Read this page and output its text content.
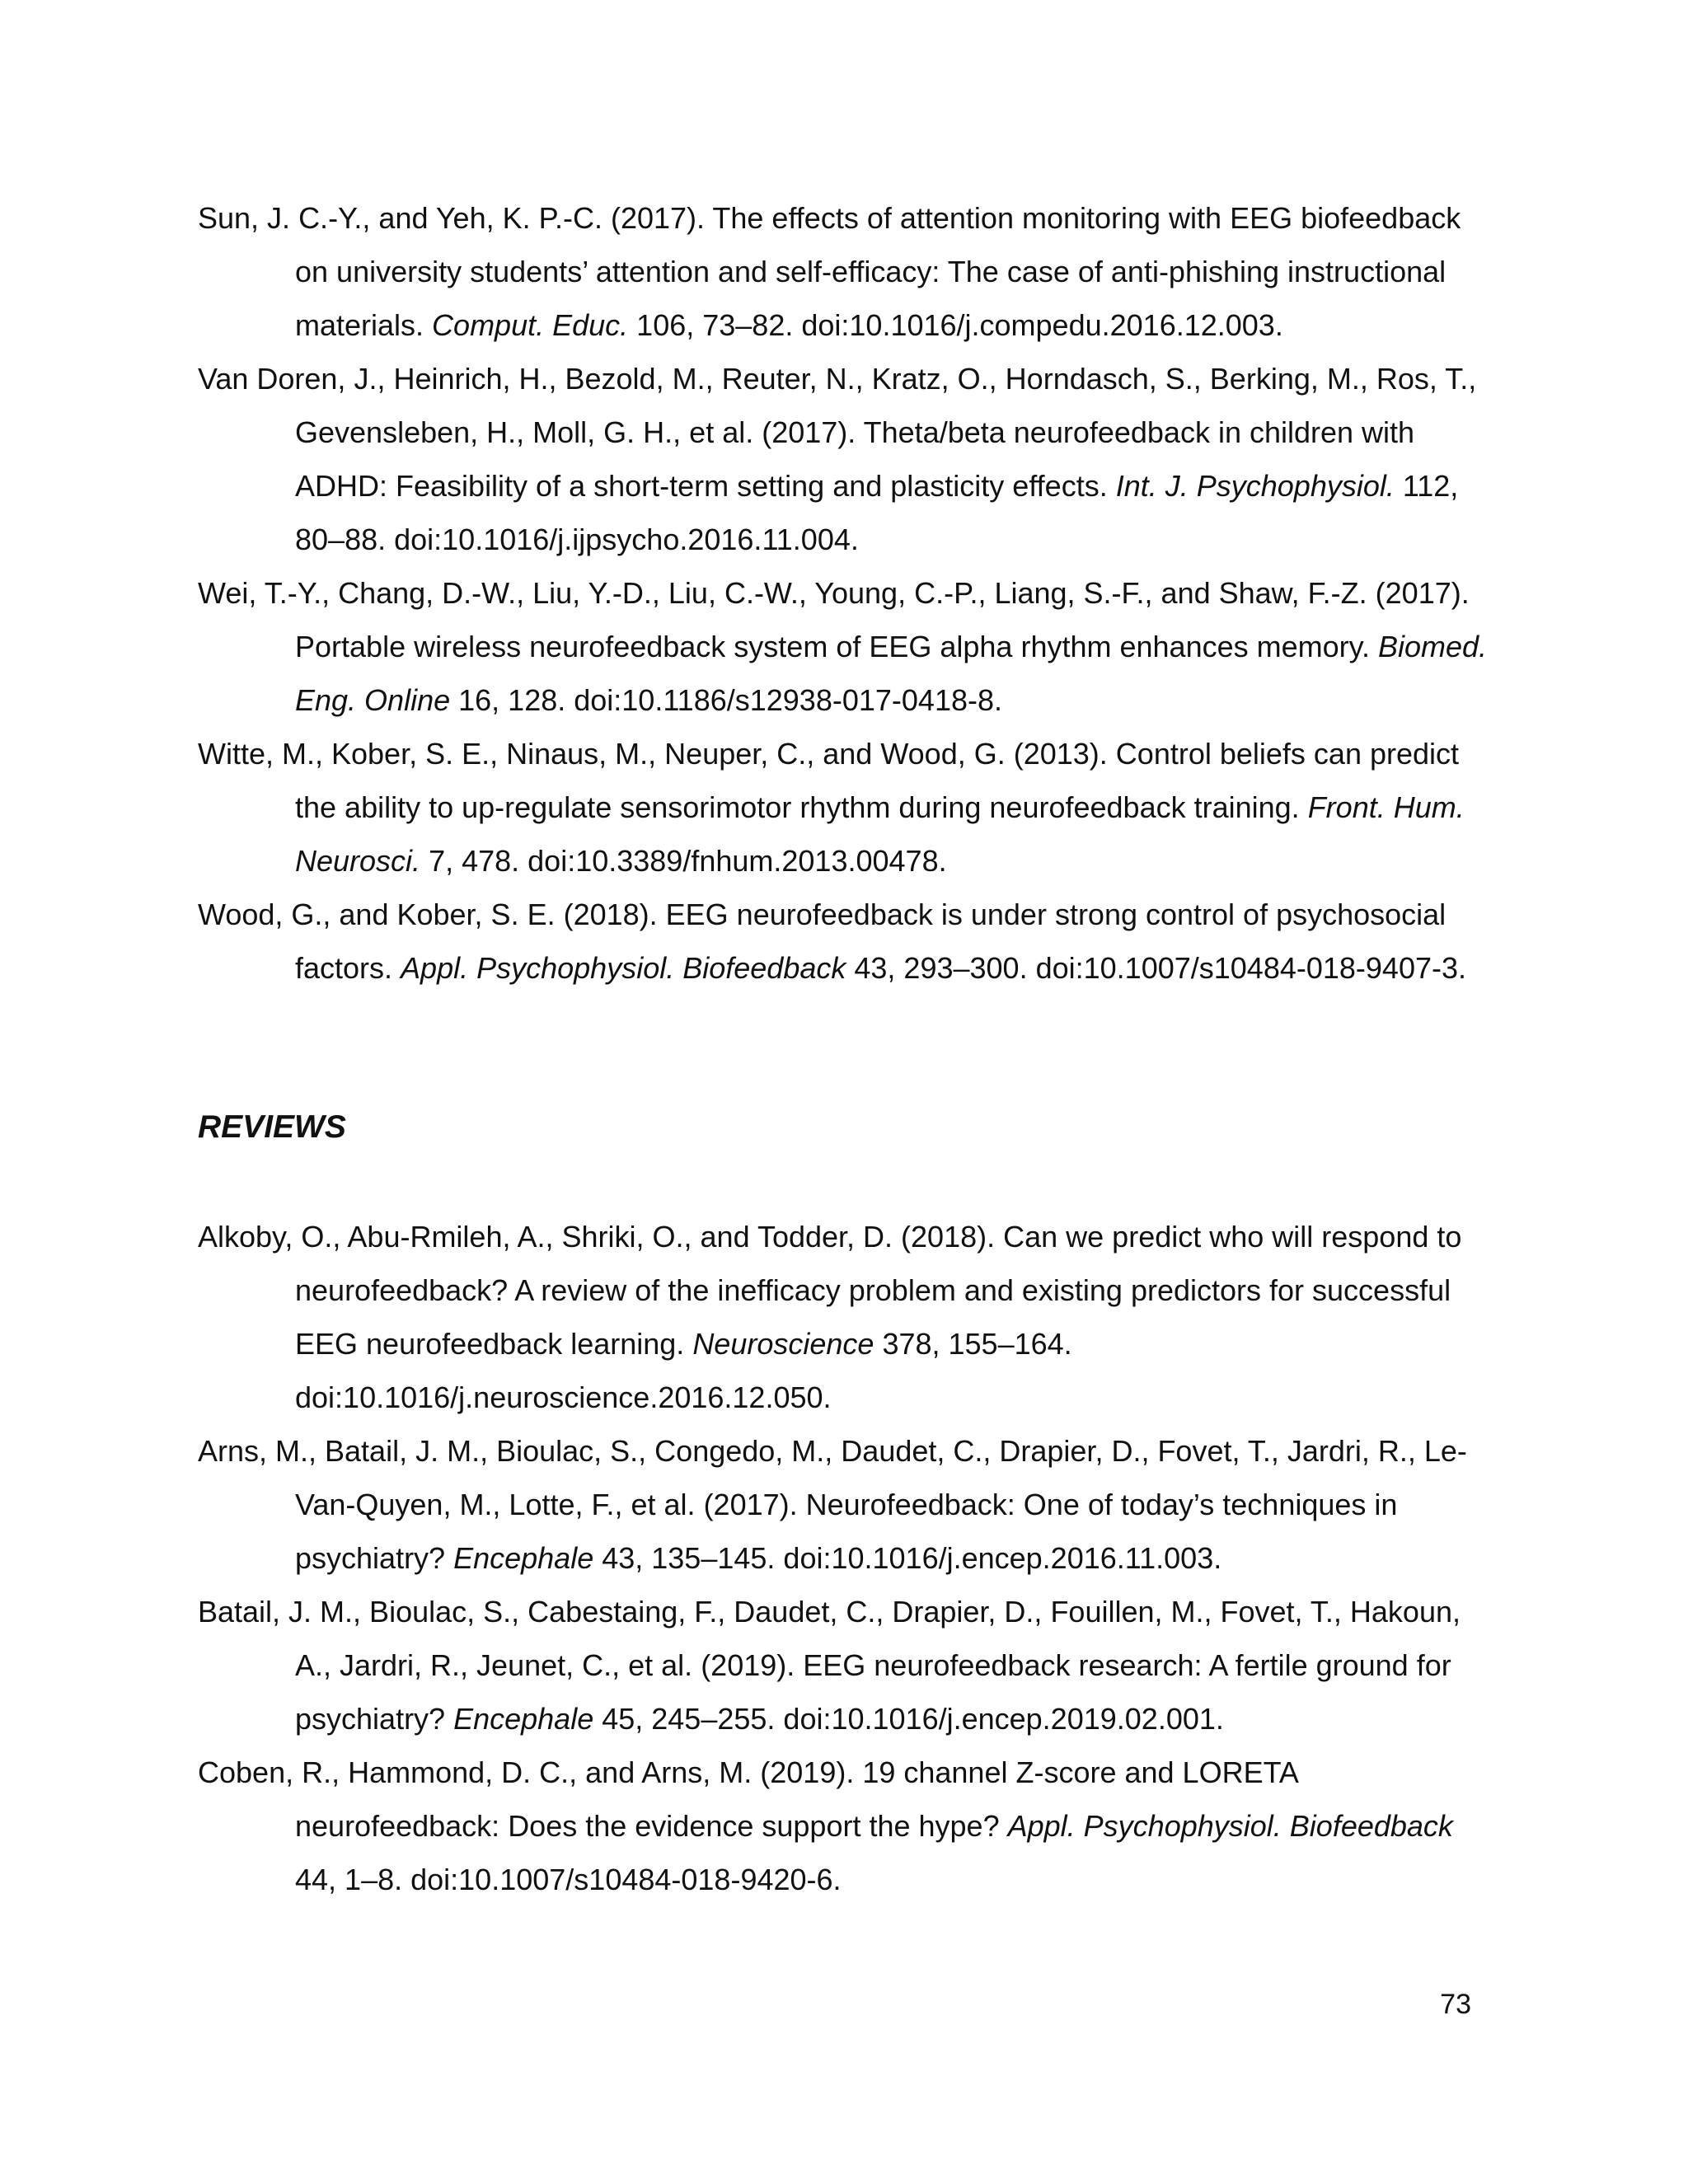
Sun, J. C.-Y., and Yeh, K. P.-C. (2017). The effects of attention monitoring with EEG biofeedback on university students’ attention and self-efficacy: The case of anti-phishing instructional materials. Comput. Educ. 106, 73–82. doi:10.1016/j.compedu.2016.12.003.

Van Doren, J., Heinrich, H., Bezold, M., Reuter, N., Kratz, O., Horndasch, S., Berking, M., Ros, T., Gevensleben, H., Moll, G. H., et al. (2017). Theta/beta neurofeedback in children with ADHD: Feasibility of a short-term setting and plasticity effects. Int. J. Psychophysiol. 112, 80–88. doi:10.1016/j.ijpsycho.2016.11.004.

Wei, T.-Y., Chang, D.-W., Liu, Y.-D., Liu, C.-W., Young, C.-P., Liang, S.-F., and Shaw, F.-Z. (2017). Portable wireless neurofeedback system of EEG alpha rhythm enhances memory. Biomed. Eng. Online 16, 128. doi:10.1186/s12938-017-0418-8.

Witte, M., Kober, S. E., Ninaus, M., Neuper, C., and Wood, G. (2013). Control beliefs can predict the ability to up-regulate sensorimotor rhythm during neurofeedback training. Front. Hum. Neurosci. 7, 478. doi:10.3389/fnhum.2013.00478.

Wood, G., and Kober, S. E. (2018). EEG neurofeedback is under strong control of psychosocial factors. Appl. Psychophysiol. Biofeedback 43, 293–300. doi:10.1007/s10484-018-9407-3.

REVIEWS

Alkoby, O., Abu-Rmileh, A., Shriki, O., and Todder, D. (2018). Can we predict who will respond to neurofeedback? A review of the inefficacy problem and existing predictors for successful EEG neurofeedback learning. Neuroscience 378, 155–164. doi:10.1016/j.neuroscience.2016.12.050.

Arns, M., Batail, J. M., Bioulac, S., Congedo, M., Daudet, C., Drapier, D., Fovet, T., Jardri, R., Le-Van-Quyen, M., Lotte, F., et al. (2017). Neurofeedback: One of today’s techniques in psychiatry? Encephale 43, 135–145. doi:10.1016/j.encep.2016.11.003.

Batail, J. M., Bioulac, S., Cabestaing, F., Daudet, C., Drapier, D., Fouillen, M., Fovet, T., Hakoun, A., Jardri, R., Jeunet, C., et al. (2019). EEG neurofeedback research: A fertile ground for psychiatry? Encephale 45, 245–255. doi:10.1016/j.encep.2019.02.001.

Coben, R., Hammond, D. C., and Arns, M. (2019). 19 channel Z-score and LORETA neurofeedback: Does the evidence support the hype? Appl. Psychophysiol. Biofeedback 44, 1–8. doi:10.1007/s10484-018-9420-6.

73
